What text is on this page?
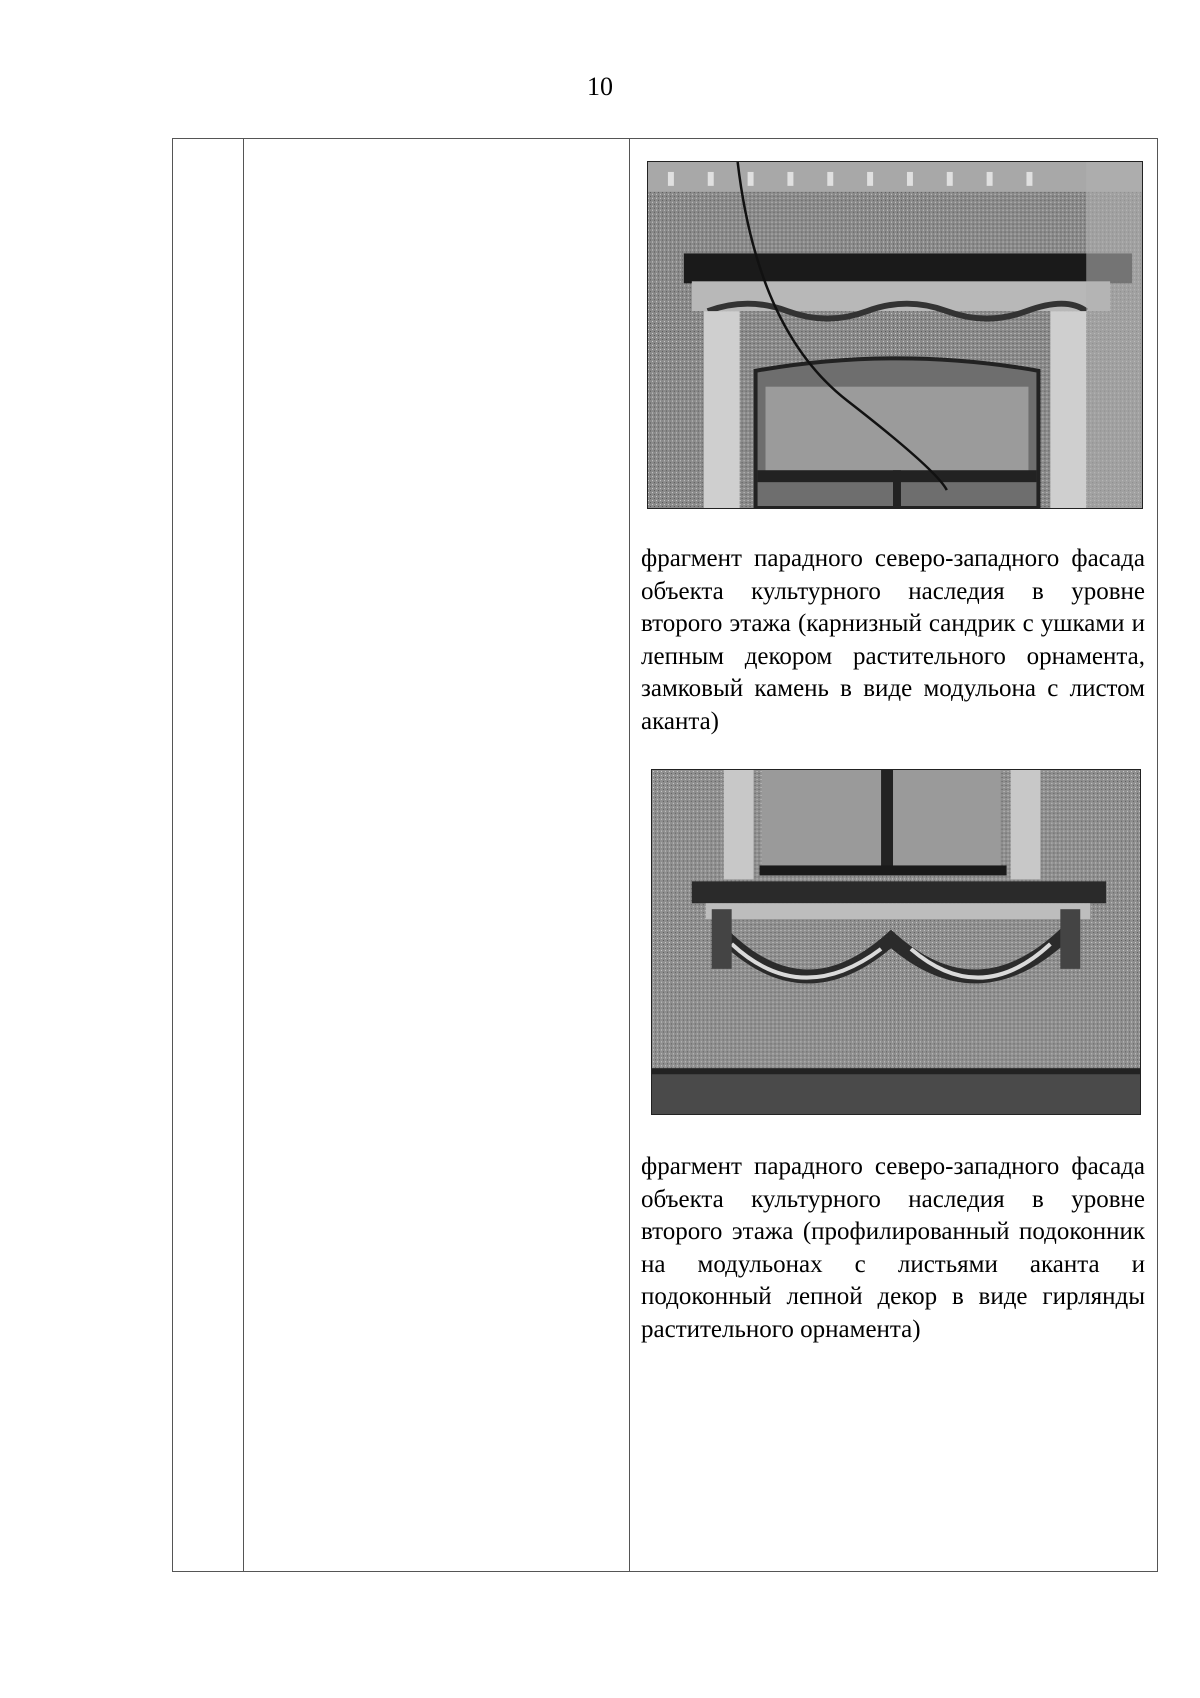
10

фрагмент парадного северо-западного фасада объекта культурного наследия в уровне второго этажа (карнизный сандрик с ушками и лепным декором растительного орнамента, замковый камень в виде модульона с листом аканта)

фрагмент парадного северо-западного фасада объекта культурного наследия в уровне второго этажа (профилированный подоконник на модульонах с листьями аканта и подоконный лепной декор в виде гирлянды растительного орнамента)
